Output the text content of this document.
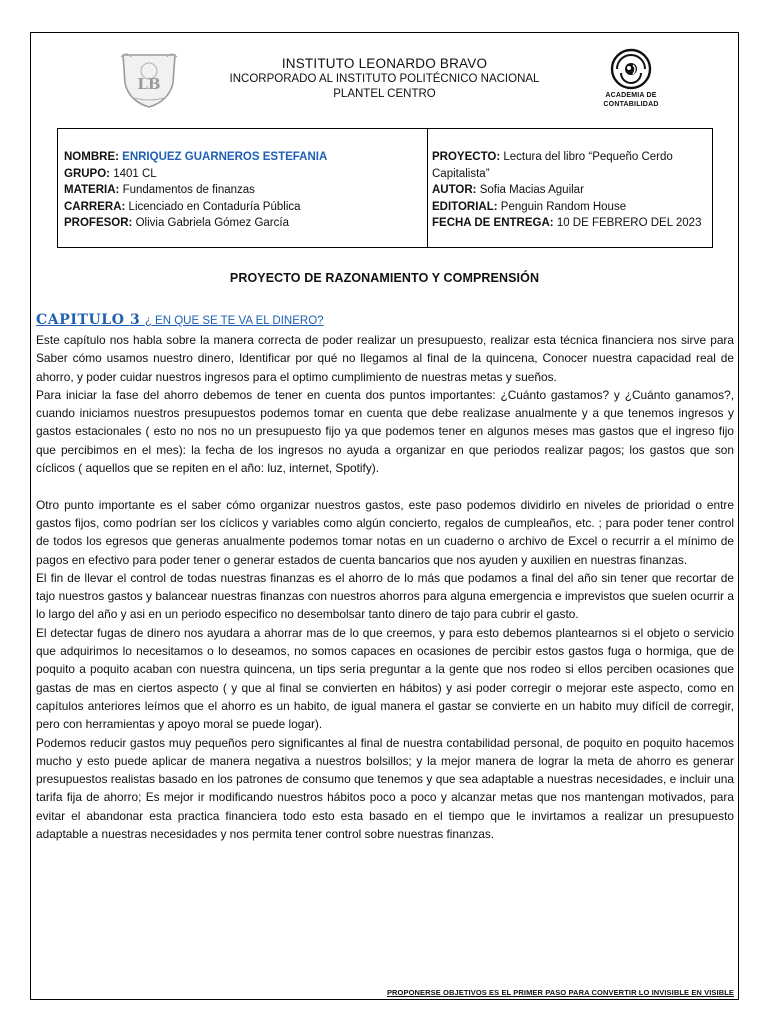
LB
INSTITUTO LEONARDO BRAVO
INCORPORADO AL INSTITUTO POLITÉCNICO NACIONAL
PLANTEL CENTRO	ACADEMIA DE
CONTABILIDAD
NOMBRE: ENRIQUEZ GUARNEROS ESTEFANIA
GRUPO: 1401 CL
MATERIA: Fundamentos de finanzas
CARRERA: Licenciado en Contaduría Pública
PROFESOR: Olivia Gabriela Gómez García
PROYECTO: Lectura del libro “Pequeño Cerdo Capitalista”
AUTOR: Sofia Macias Aguilar
EDITORIAL: Penguin Random House
FECHA DE ENTREGA: 10 DE FEBRERO DEL 2023
PROYECTO DE RAZONAMIENTO Y COMPRENSIÓN
CAPITULO 3 ¿ EN QUE SE TE VA EL DINERO?

Este capítulo nos habla sobre la manera correcta de poder realizar un presupuesto, realizar esta técnica financiera nos sirve para Saber cómo usamos nuestro dinero, Identificar por qué no llegamos al final de la quincena, Conocer nuestra capacidad real de ahorro, y poder cuidar nuestros ingresos para el optimo cumplimiento de nuestras metas y sueños.

Para iniciar la fase del ahorro debemos de tener en cuenta dos puntos importantes: ¿Cuánto gastamos? y ¿Cuánto ganamos?, cuando iniciamos nuestros presupuestos podemos tomar en cuenta que debe realizase anualmente y a que tenemos ingresos y gastos estacionales ( esto no nos no un presupuesto fijo ya que podemos tener en algunos meses mas gastos que el ingreso fijo que percibimos en el mes): la fecha de los ingresos no ayuda a organizar en que periodos realizar pagos; los gastos que son cíclicos ( aquellos que se repiten en el año: luz, internet, Spotify).

Otro punto importante es el saber cómo organizar nuestros gastos, este paso podemos dividirlo en niveles de prioridad o entre gastos fijos, como podrían ser los cíclicos y variables como algún concierto, regalos de cumpleaños, etc. ; para poder tener control de todos los egresos que generas anualmente podemos tomar notas en un cuaderno o archivo de Excel o recurrir a el mínimo de pagos en efectivo para poder tener o generar estados de cuenta bancarios que nos ayuden y auxilien en nuestras finanzas.

El fin de llevar el control de todas nuestras finanzas es el ahorro de lo más que podamos a final del año sin tener que recortar de tajo nuestros gastos y balancear nuestras finanzas con nuestros ahorros para alguna emergencia e imprevistos que suelen ocurrir a lo largo del año y asi en un periodo especifico no desembolsar tanto dinero de tajo para cubrir el gasto.

El detectar fugas de dinero nos ayudara a ahorrar mas de lo que creemos, y para esto debemos plantearnos si el objeto o servicio que adquirimos lo necesitamos o lo deseamos, no somos capaces en ocasiones de percibir estos gastos fuga o hormiga, que de poquito a poquito acaban con nuestra quincena, un tips seria preguntar a la gente que nos rodeo si ellos perciben ocasiones que gastas de mas en ciertos aspecto ( y que al final se convierten en hábitos) y asi poder corregir o mejorar este aspecto, como en capítulos anteriores leímos que el ahorro es un habito, de igual manera el gastar se convierte en un habito muy difícil de corregir, pero con herramientas y apoyo moral se puede logar).

Podemos reducir gastos muy pequeños pero significantes al final de nuestra contabilidad personal, de poquito en poquito hacemos mucho y esto puede aplicar de manera negativa a nuestros bolsillos; y la mejor manera de lograr la meta de ahorro es generar presupuestos realistas basado en los patrones de consumo que tenemos y que sea adaptable a nuestras necesidades, e incluir una tarifa fija de ahorro; Es mejor ir modificando nuestros hábitos poco a poco y alcanzar metas que nos mantengan motivados, para evitar el abandonar esta practica financiera todo esto esta basado en el tiempo que le invirtamos a realizar un presupuesto adaptable a nuestras necesidades y nos permita tener control sobre nuestras finanzas.

PROPONERSE OBJETIVOS ES EL PRIMER PASO PARA CONVERTIR LO INVISIBLE EN VISIBLE
